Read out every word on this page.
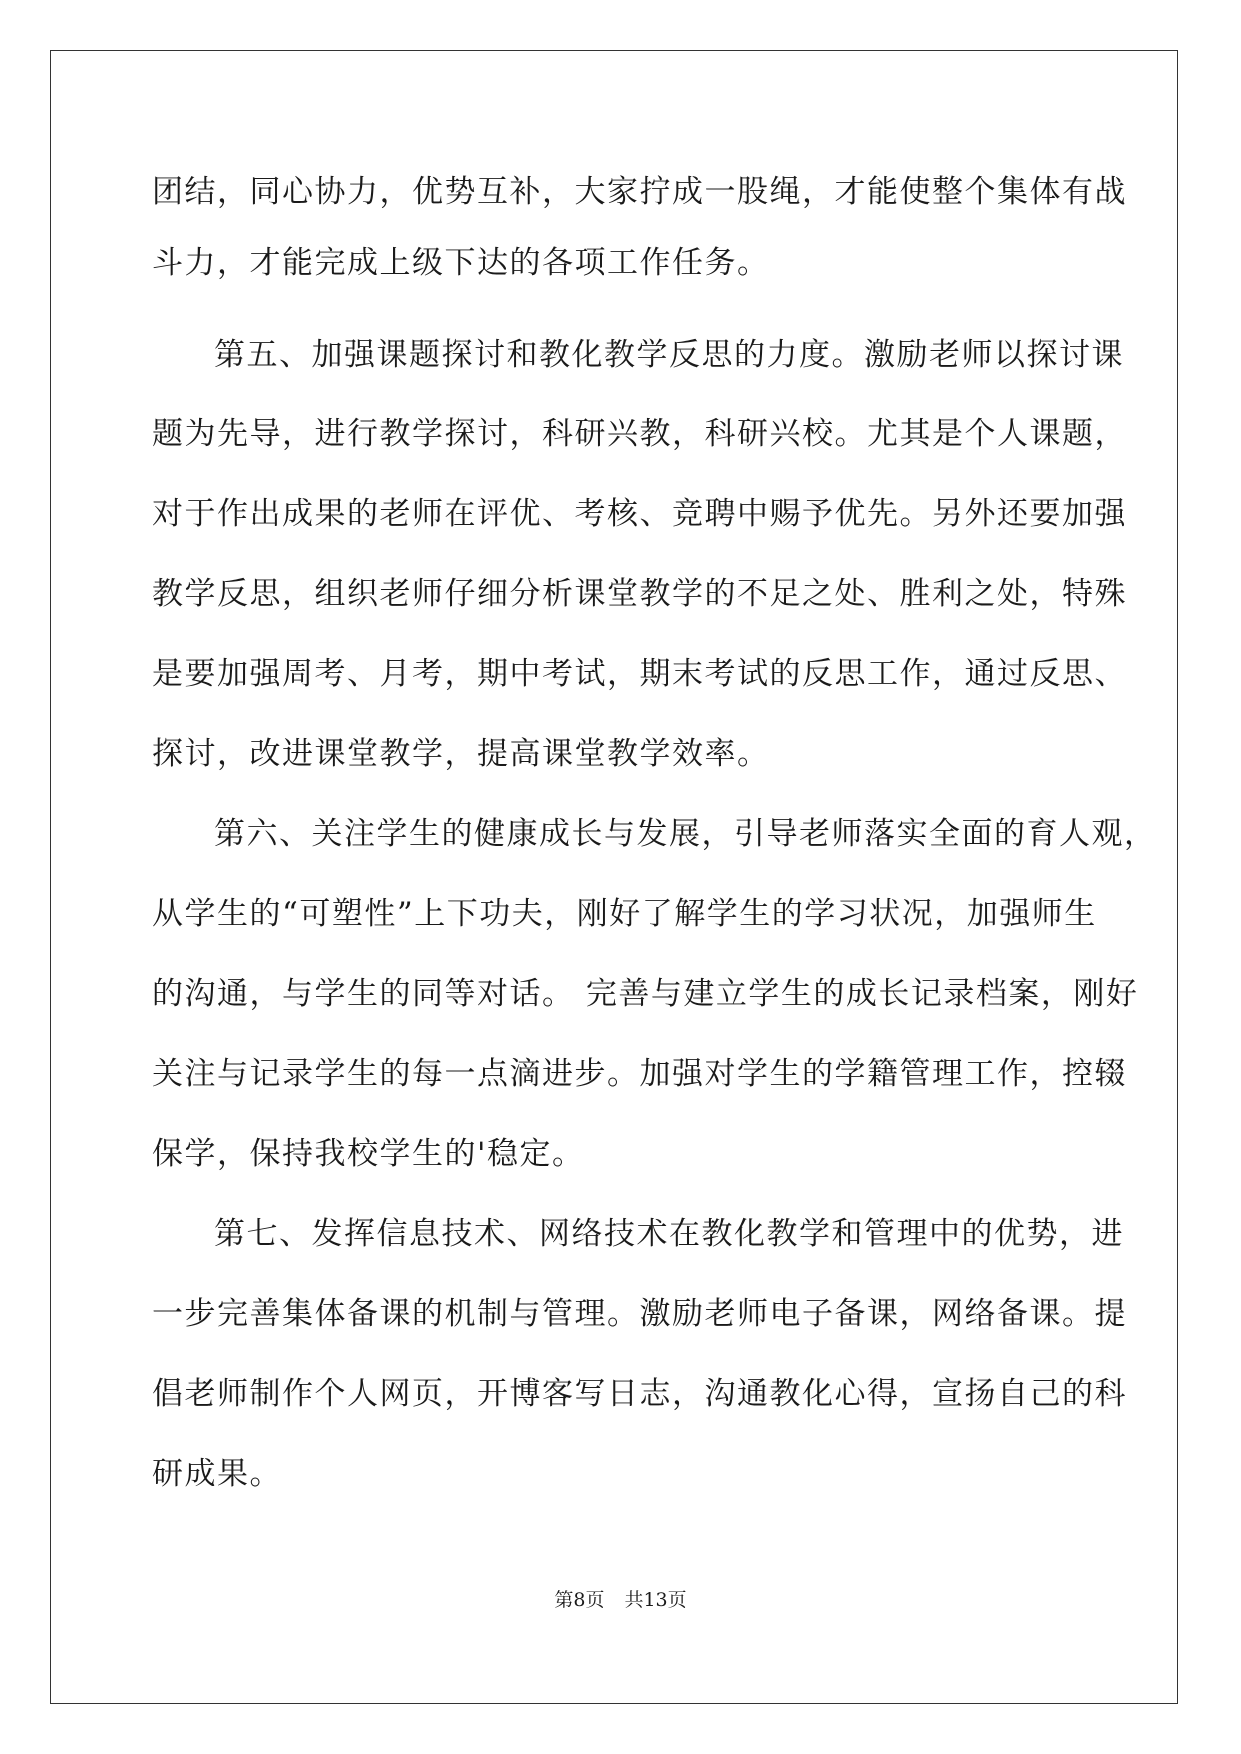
团结，同心协力，优势互补，大家拧成一股绳，才能使整个集体有战
斗力，才能完成上级下达的各项工作任务。
第五、加强课题探讨和教化教学反思的力度。激励老师以探讨课
题为先导，进行教学探讨，科研兴教，科研兴校。尤其是个人课题，
对于作出成果的老师在评优、考核、竞聘中赐予优先。另外还要加强
教学反思，组织老师仔细分析课堂教学的不足之处、胜利之处，特殊
是要加强周考、月考，期中考试，期末考试的反思工作，通过反思、
探讨，改进课堂教学，提高课堂教学效率。
第六、关注学生的健康成长与发展，引导老师落实全面的育人观，
从学生的“可塑性”上下功夫，刚好了解学生的学习状况，加强师生
的沟通，与学生的同等对话。 完善与建立学生的成长记录档案，刚好
关注与记录学生的每一点滴进步。加强对学生的学籍管理工作，控辍
保学，保持我校学生的'稳定。
第七、发挥信息技术、网络技术在教化教学和管理中的优势，进
一步完善集体备课的机制与管理。激励老师电子备课，网络备课。提
倡老师制作个人网页，开博客写日志，沟通教化心得，宣扬自己的科
研成果。
第8页 共13页
